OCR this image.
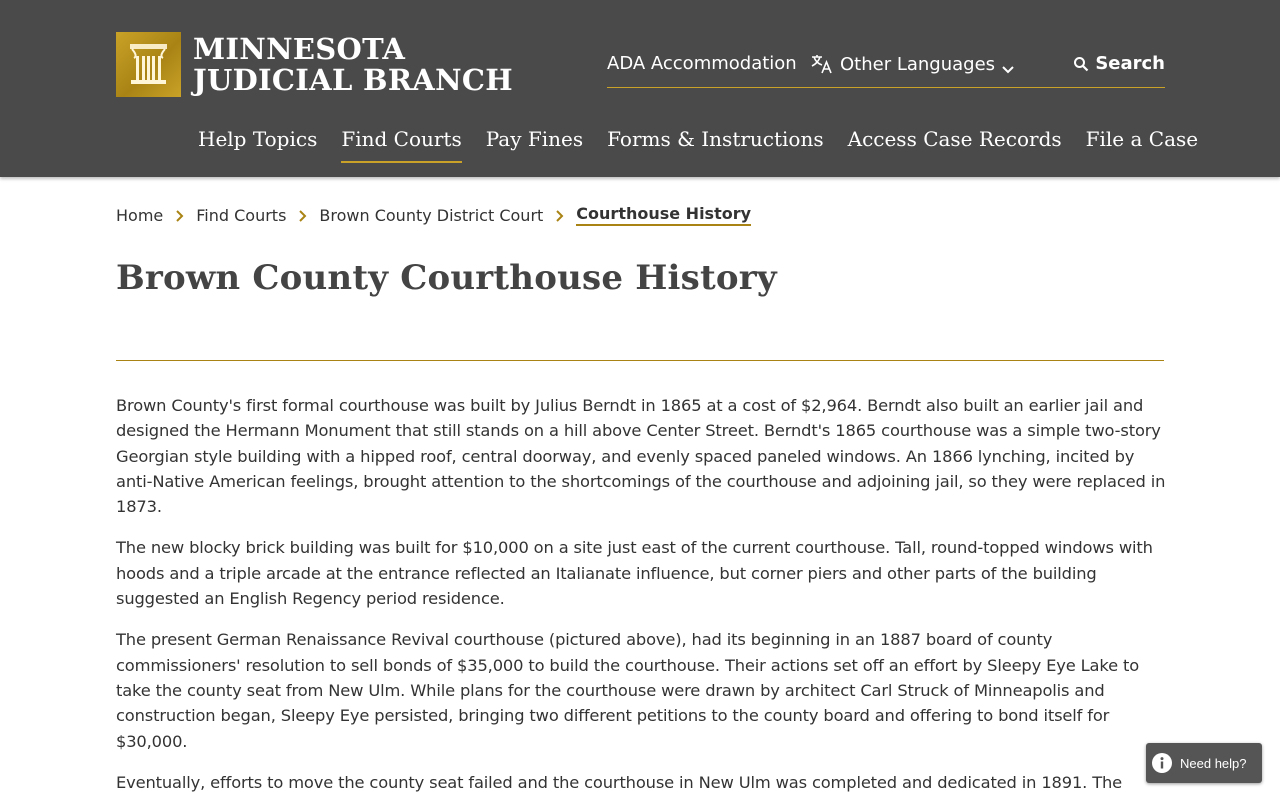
MINNESOTA
JUDICIAL BRANCH	ADA Accommodation Other Languages	Search
Help Topics Find Courts Pay Fines Forms & Instructions Access Case Records File a Case
Home Find Courts Brown County District Court Courthouse History
Brown County Courthouse History

Brown County's first formal courthouse was built by Julius Berndt in 1865 at a cost of $2,964. Berndt also built an earlier jail and designed the Hermann Monument that still stands on a hill above Center Street. Berndt's 1865 courthouse was a simple two-story Georgian style building with a hipped roof, central doorway, and evenly spaced paneled windows. An 1866 lynching, incited by anti-Native American feelings, brought attention to the shortcomings of the courthouse and adjoining jail, so they were replaced in 1873.

The new blocky brick building was built for $10,000 on a site just east of the current courthouse. Tall, round-topped windows with hoods and a triple arcade at the entrance reflected an Italianate influence, but corner piers and other parts of the building suggested an English Regency period residence.

The present German Renaissance Revival courthouse (pictured above), had its beginning in an 1887 board of county commissioners' resolution to sell bonds of $35,000 to build the courthouse. Their actions set off an effort by Sleepy Eye Lake to take the county seat from New Ulm. While plans for the courthouse were drawn by architect Carl Struck of Minneapolis and construction began, Sleepy Eye persisted, bringing two different petitions to the county board and offering to bond itself for $30,000.

Eventually, efforts to move the county seat failed and the courthouse in New Ulm was completed and dedicated in 1891. The

Need help?
